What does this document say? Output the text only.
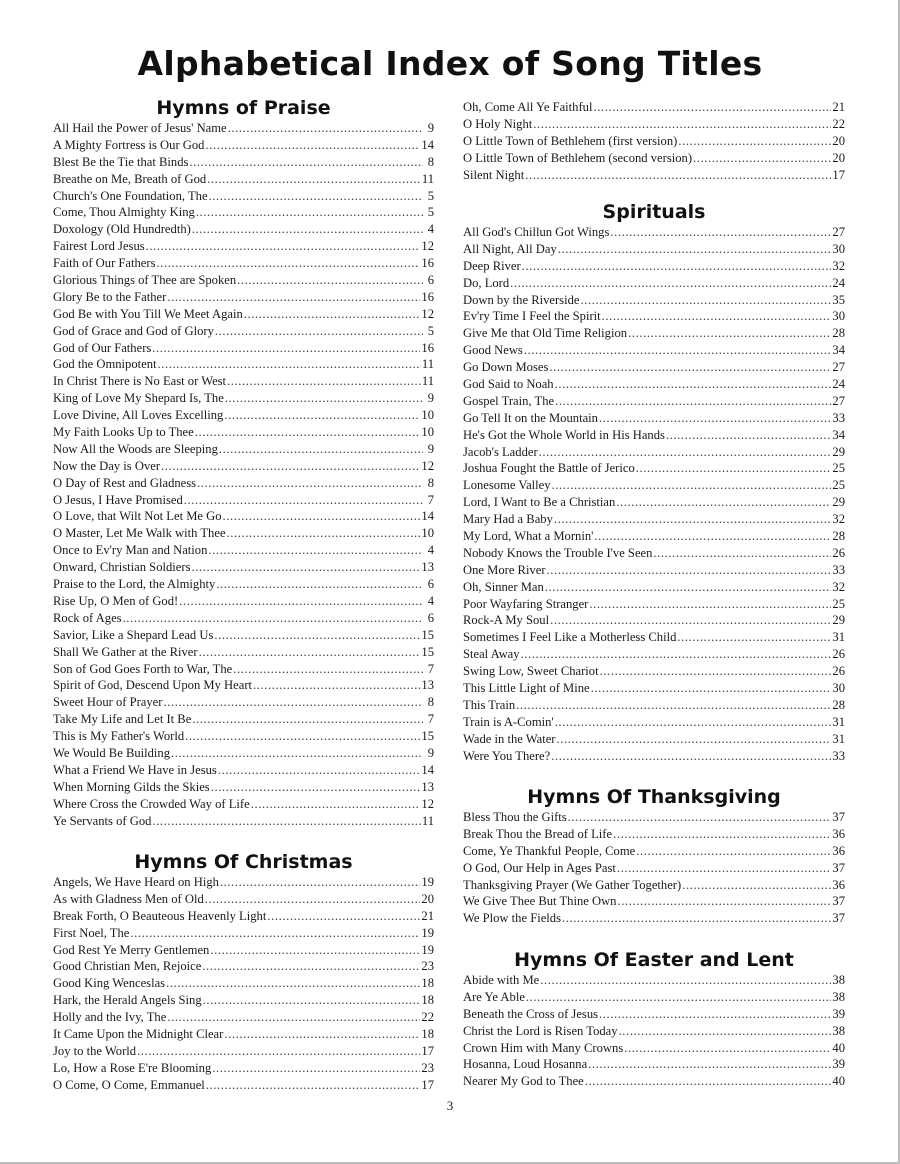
Alphabetical Index of Song Titles
Hymns of Praise
All Hail the Power of Jesus' Name .....	9
A Mighty Fortress is Our God .....	14
Blest Be the Tie that Binds .....	8
Breathe on Me, Breath of God .....	11
Church's One Foundation, The .....	5
Come, Thou Almighty King .....	5
Doxology (Old Hundredth) .....	4
Fairest Lord Jesus .....	12
Faith of Our Fathers .....	16
Glorious Things of Thee are Spoken .....	6
Glory Be to the Father .....	16
God Be with You Till We Meet Again .....	12
God of Grace and God of Glory .....	5
God of Our Fathers .....	16
God the Omnipotent .....	11
In Christ There is No East or West .....	11
King of Love My Shepard Is, The .....	9
Love Divine, All Loves Excelling .....	10
My Faith Looks Up to Thee .....	10
Now All the Woods are Sleeping .....	9
Now the Day is Over .....	12
O Day of Rest and Gladness .....	8
O Jesus, I Have Promised .....	7
O Love, that Wilt Not Let Me Go .....	14
O Master, Let Me Walk with Thee .....	10
Once to Ev'ry Man and Nation .....	4
Onward, Christian Soldiers .....	13
Praise to the Lord, the Almighty .....	6
Rise Up, O Men of God! .....	4
Rock of Ages .....	6
Savior, Like a Shepard Lead Us .....	15
Shall We Gather at the River .....	15
Son of God Goes Forth to War, The .....	7
Spirit of God, Descend Upon My Heart .....	13
Sweet Hour of Prayer .....	8
Take My Life and Let It Be .....	7
This is My Father's World .....	15
We Would Be Building .....	9
What a Friend We Have in Jesus .....	14
When Morning Gilds the Skies .....	13
Where Cross the Crowded Way of Life .....	12
Ye Servants of God .....	11
Hymns Of Christmas
Angels, We Have Heard on High .....	19
As with Gladness Men of Old .....	20
Break Forth, O Beauteous Heavenly Light .....	21
First Noel, The .....	19
God Rest Ye Merry Gentlemen .....	19
Good Christian Men, Rejoice .....	23
Good King Wenceslas .....	18
Hark, the Herald Angels Sing .....	18
Holly and the Ivy, The .....	22
It Came Upon the Midnight Clear .....	18
Joy to the World .....	17
Lo, How a Rose E're Blooming .....	23
O Come, O Come, Emmanuel .....	17
Oh, Come All Ye Faithful .....	21
O Holy Night .....	22
O Little Town of Bethlehem (first version) .....	20
O Little Town of Bethlehem (second version) .....	20
Silent Night .....	17
Spirituals
All God's Chillun Got Wings .....	27
All Night, All Day .....	30
Deep River .....	32
Do, Lord .....	24
Down by the Riverside .....	35
Ev'ry Time I Feel the Spirit .....	30
Give Me that Old Time Religion .....	28
Good News .....	34
Go Down Moses .....	27
God Said to Noah .....	24
Gospel Train, The .....	27
Go Tell It on the Mountain .....	33
He's Got the Whole World in His Hands .....	34
Jacob's Ladder .....	29
Joshua Fought the Battle of Jerico .....	25
Lonesome Valley .....	25
Lord, I Want to Be a Christian .....	29
Mary Had a Baby .....	32
My Lord, What a Mornin' .....	28
Nobody Knows the Trouble I've Seen .....	26
One More River .....	33
Oh, Sinner Man .....	32
Poor Wayfaring Stranger .....	25
Rock-A My Soul .....	29
Sometimes I Feel Like a Motherless Child .....	31
Steal Away .....	26
Swing Low, Sweet Chariot .....	26
This Little Light of Mine .....	30
This Train .....	28
Train is A-Comin' .....	31
Wade in the Water .....	31
Were You There? .....	33
Hymns Of Thanksgiving
Bless Thou the Gifts .....	37
Break Thou the Bread of Life .....	36
Come, Ye Thankful People, Come .....	36
O God, Our Help in Ages Past .....	37
Thanksgiving Prayer (We Gather Together) .....	36
We Give Thee But Thine Own .....	37
We Plow the Fields .....	37
Hymns Of Easter and Lent
Abide with Me .....	38
Are Ye Able .....	38
Beneath the Cross of Jesus .....	39
Christ the Lord is Risen Today .....	38
Crown Him with Many Crowns .....	40
Hosanna, Loud Hosanna .....	39
Nearer My God to Thee .....	40
3
